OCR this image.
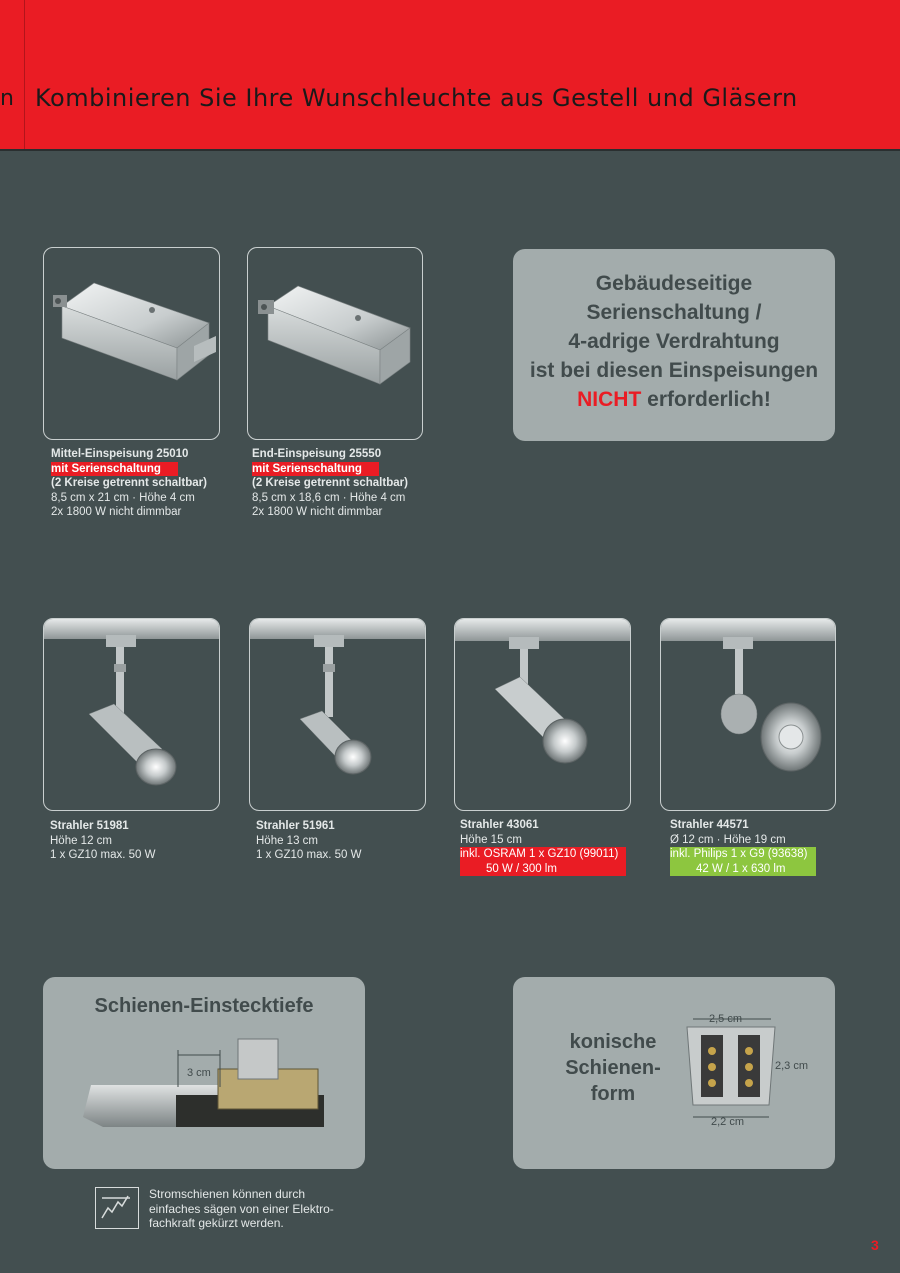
n Kombinieren Sie Ihre Wunschleuchte aus Gestell und Gläsern
Mittel-Einspeisung 25010
mit Serienschaltung
(2 Kreise getrennt schaltbar)
8,5 cm x 21 cm · Höhe 4 cm
2x 1800 W nicht dimmbar
End-Einspeisung 25550
mit Serienschaltung
(2 Kreise getrennt schaltbar)
8,5 cm x 18,6 cm · Höhe 4 cm
2x 1800 W nicht dimmbar
Gebäudeseitige
Serienschaltung /
4-adrige Verdrahtung
ist bei diesen Einspeisungen
NICHT erforderlich!
Strahler 51981
Höhe 12 cm
1 x GZ10 max. 50 W
Strahler 51961
Höhe 13 cm
1 x GZ10 max. 50 W
Strahler 43061
Höhe 15 cm
inkl. OSRAM 1 x GZ10 (99011)
50 W / 300 lm
Strahler 44571
Ø 12 cm · Höhe 19 cm
inkl. Philips 1 x G9 (93638)
42 W / 1 x 630 lm
Schienen-Einstecktiefe
3 cm
konische
Schienen-
form
2,5 cm
2,3 cm
2,2 cm
Stromschienen können durch
einfaches sägen von einer Elektro-
fachkraft gekürzt werden.
3
